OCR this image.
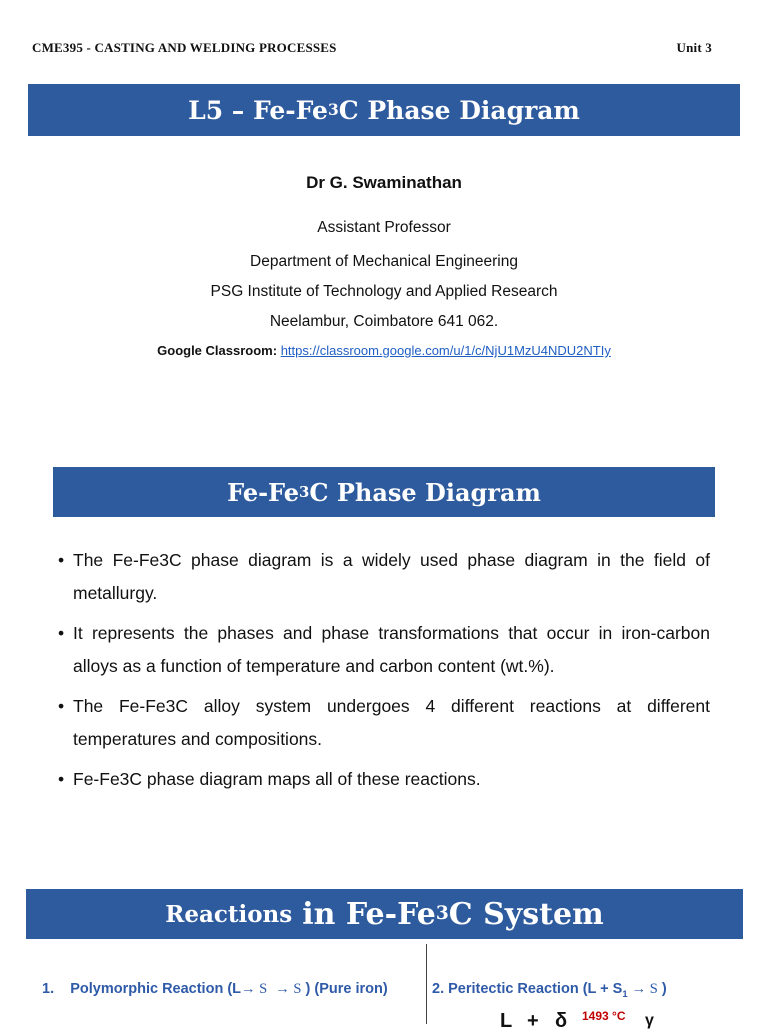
CME395 - CASTING AND WELDING PROCESSES	Unit 3
L5 – Fe-Fe 3 C Phase Diagram
Dr G. Swaminathan
Assistant Professor
Department of Mechanical Engineering
PSG Institute of Technology and Applied Research
Neelambur, Coimbatore 641 062.
Google Classroom: https://classroom.google.com/u/1/c/NjU1MzU4NDU2NTIy
Fe-Fe 3 C Phase Diagram
• The Fe-Fe3C phase diagram is a widely used phase diagram in the field of metallurgy.
• It represents the phases and phase transformations that occur in iron-carbon alloys as a function of temperature and carbon content (wt.%).
• The Fe-Fe3C alloy system undergoes 4 different reactions at different temperatures and compositions.
• Fe-Fe3C phase diagram maps all of these reactions.
Reactions in Fe-Fe 3 C System
1. Polymorphic Reaction (L→ S → S ) (Pure iron)	2. Peritectic Reaction ($L + S_1 \to S$ )
1493 °C
L + δ	γ
